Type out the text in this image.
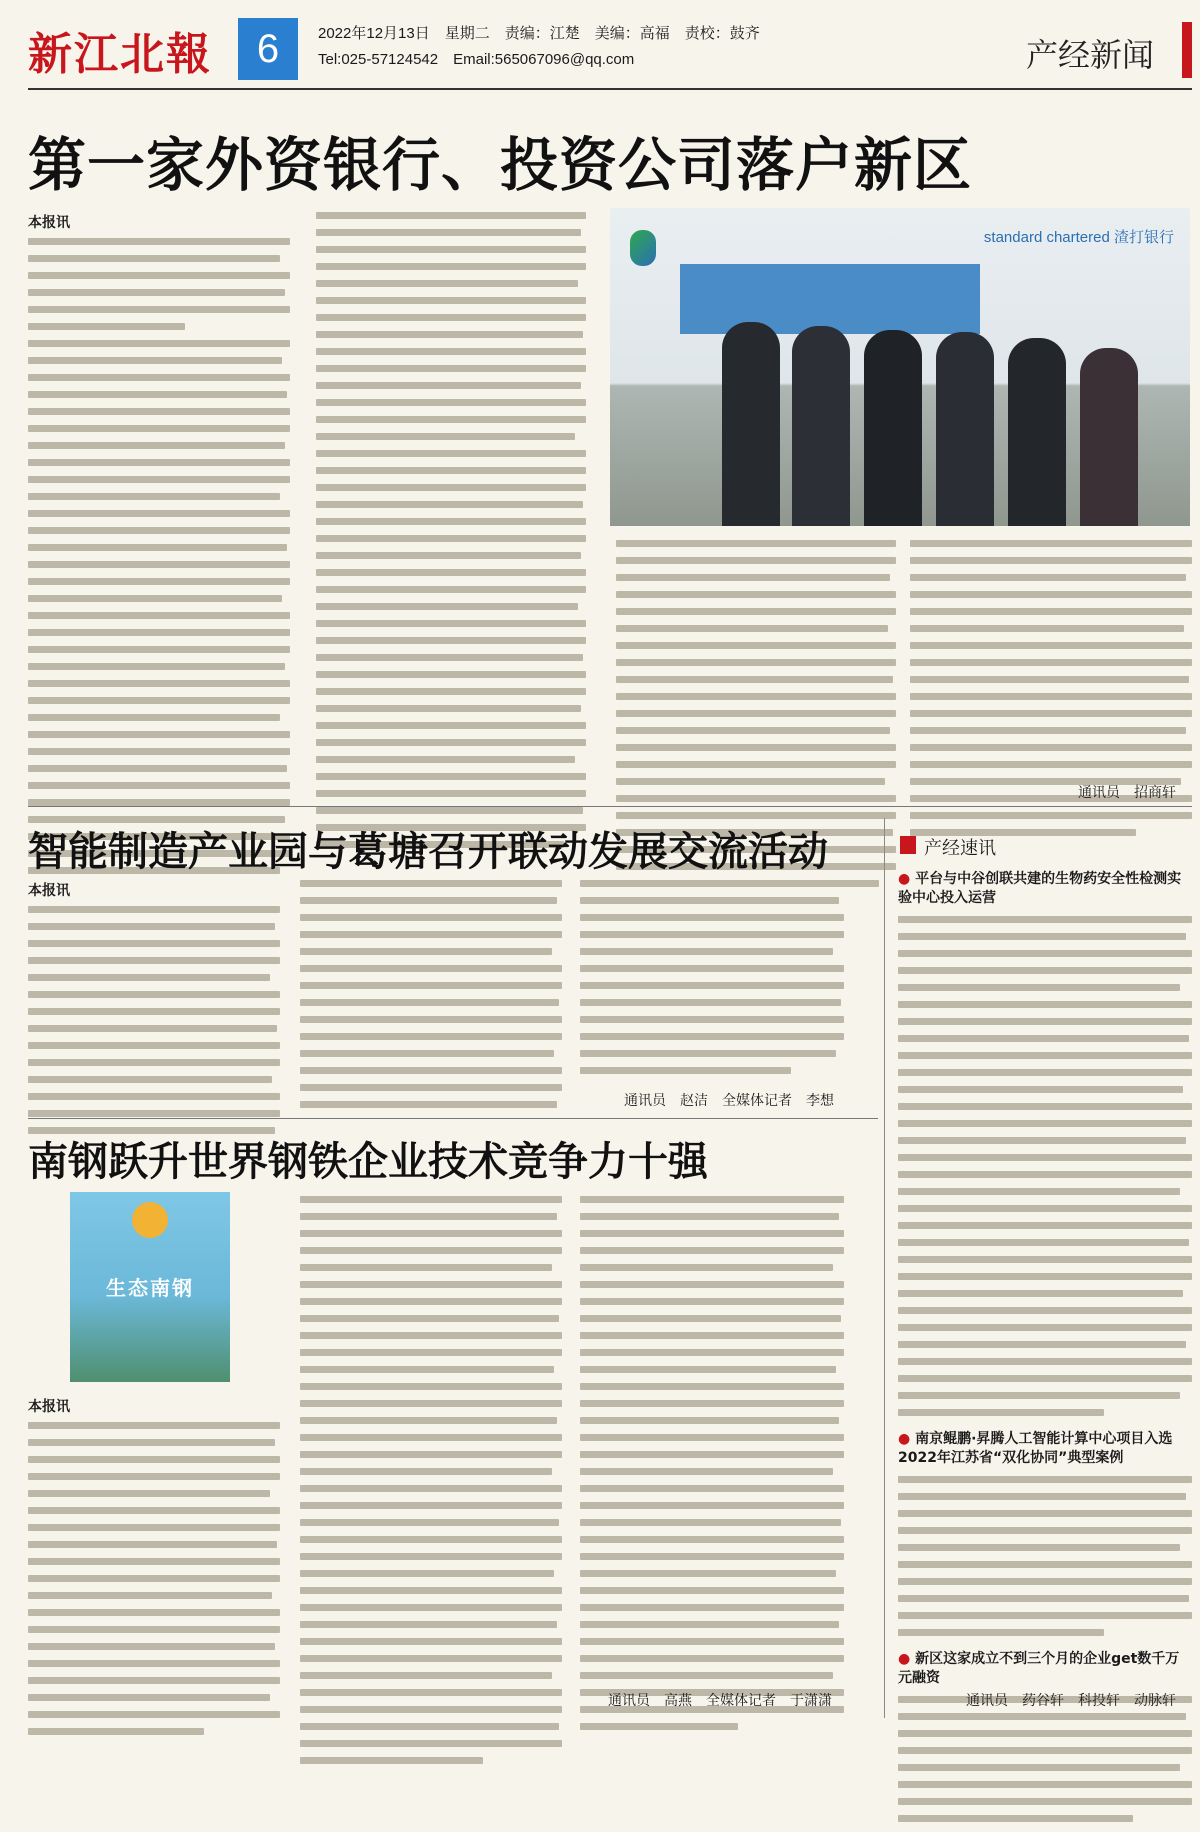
新江北報	6	2022年12月13日　星期二　责编：江楚　美编：高福　责校：鼓齐
Tel:025-57124542　Email:565067096@qq.com	产经新闻
第一家外资银行、投资公司落户新区
本报讯
standard chartered 渣打银行
通讯员　招商轩
智能制造产业园与葛塘召开联动发展交流活动
本报讯
通讯员　赵洁　全媒体记者　李想
南钢跃升世界钢铁企业技术竞争力十强
生态南钢
本报讯
通讯员　高燕　全媒体记者　于潇潇
产经速讯
● 平台与中谷创联共建的生物药安全性检测实验中心投入运营
● 南京鲲鹏·昇腾人工智能计算中心项目入选2022年江苏省“双化协同”典型案例
● 新区这家成立不到三个月的企业get数千万元融资
通讯员　药谷轩　科投轩　动脉轩
